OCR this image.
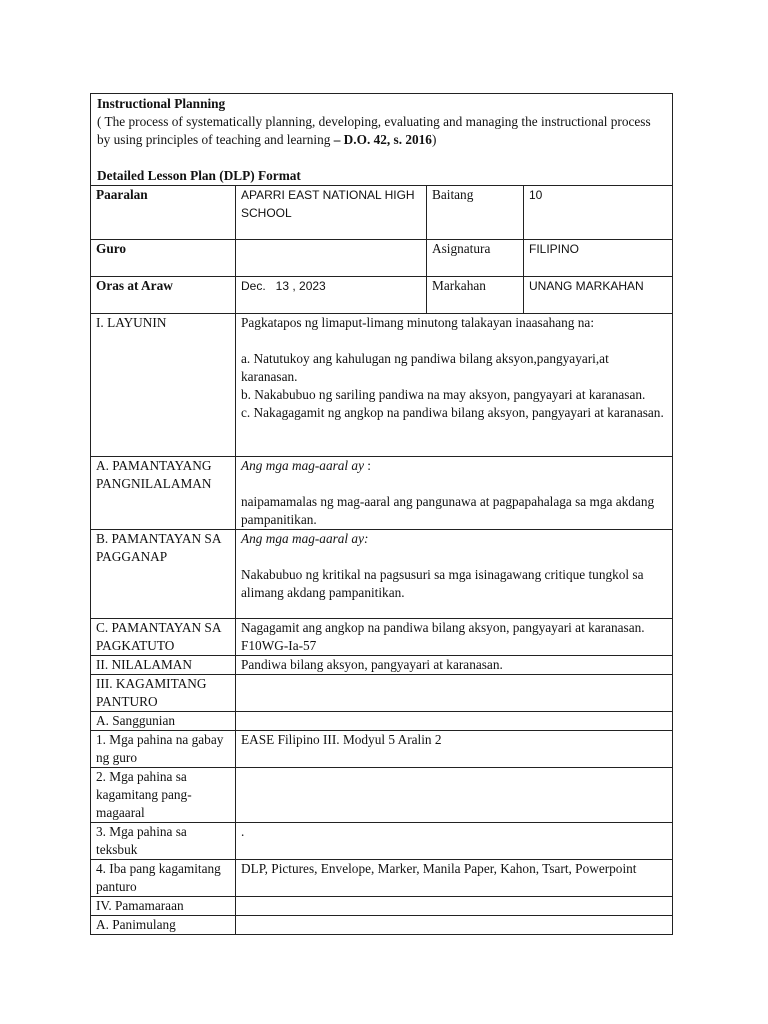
Instructional Planning

( The process of systematically planning, developing, evaluating and managing the instructional process by using principles of teaching and learning – D.O. 42, s. 2016)

Detailed Lesson Plan (DLP) Format			

Paaralan	APARRI EAST NATIONAL HIGH SCHOOL	Baitang	10
Guro		Asignatura	FILIPINO
Oras at Araw	Dec.   13 , 2023	Markahan	UNANG MARKAHAN
I. LAYUNIN	Pagkatapos ng limaput-limang minutong talakayan inaasahang na:

a. Natutukoy ang kahulugan ng pandiwa bilang aksyon,pangyayari,at karanasan.

b. Nakabubuo ng sariling pandiwa na may aksyon, pangyayari at karanasan.

c. Nakagagamit ng angkop na pandiwa bilang aksyon, pangyayari at karanasan.		

A. PAMANTAYANG PANGNILALAMAN	Ang mga mag-aaral ay :

naipamamalas ng mag-aaral ang pangunawa at pagpapahalaga sa mga akdang pampanitikan.		

B. PAMANTAYAN SA PAGGANAP	Ang mga mag-aaral ay:

Nakabubuo ng kritikal na pagsusuri sa mga isinagawang critique tungkol sa alimang akdang pampanitikan.		

C. PAMANTAYAN SA PAGKATUTO	Nagagamit ang angkop na pandiwa bilang aksyon, pangyayari at karanasan. F10WG-Ia-57		
II. NILALAMAN	Pandiwa bilang aksyon, pangyayari at karanasan.		
III. KAGAMITANG PANTURO			
A. Sanggunian			
1. Mga pahina na gabay ng guro	EASE Filipino III. Modyul 5 Aralin 2		
2. Mga pahina sa kagamitang pang-magaaral			
3. Mga pahina sa teksbuk	.		
4. Iba pang kagamitang panturo	DLP, Pictures, Envelope, Marker, Manila Paper, Kahon, Tsart, Powerpoint		
IV. Pamamaraan			
A. Panimulang			
